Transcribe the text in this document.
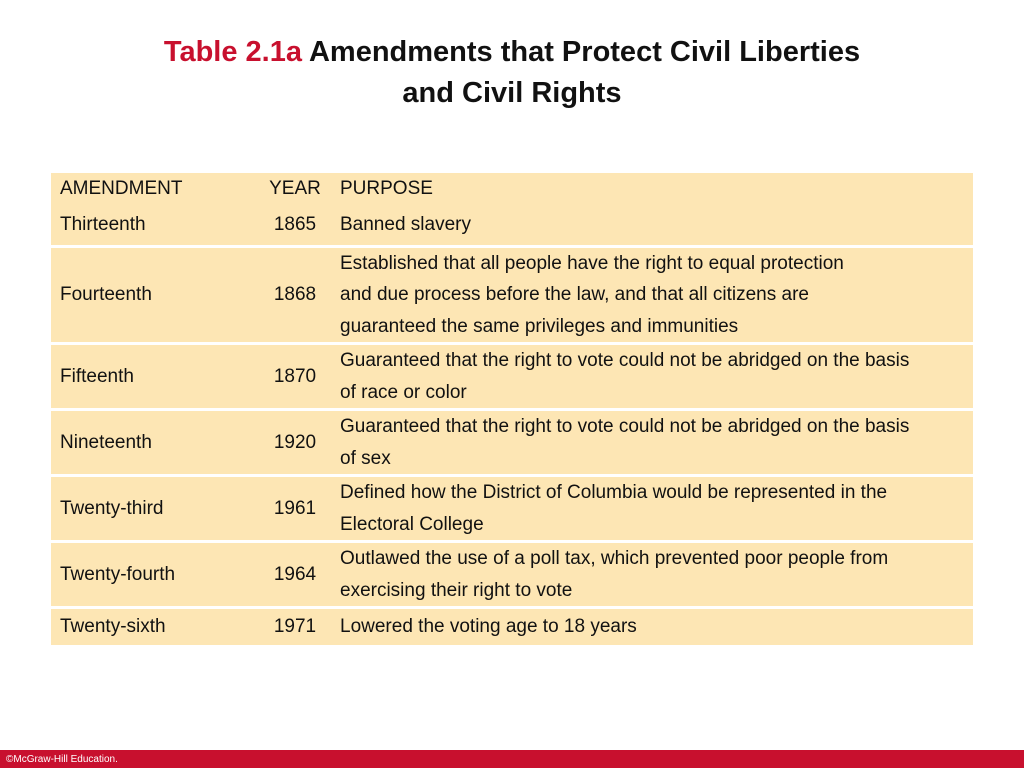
Table 2.1a Amendments that Protect Civil Liberties
and Civil Rights
AMENDMENT	YEAR	PURPOSE
Thirteenth	1865	Banned slavery

Fourteenth	1868	Established that all people have the right to equal protection
and due process before the law, and that all citizens are
guaranteed the same privileges and immunities

Fifteenth	1870	Guaranteed that the right to vote could not be abridged on the basis
of race or color

Nineteenth	1920	Guaranteed that the right to vote could not be abridged on the basis
of sex

Twenty-third	1961	Defined how the District of Columbia would be represented in the
Electoral College

Twenty-fourth	1964	Outlawed the use of a poll tax, which prevented poor people from
exercising their right to vote

Twenty-sixth	1971	Lowered the voting age to 18 years
©McGraw-Hill Education.
